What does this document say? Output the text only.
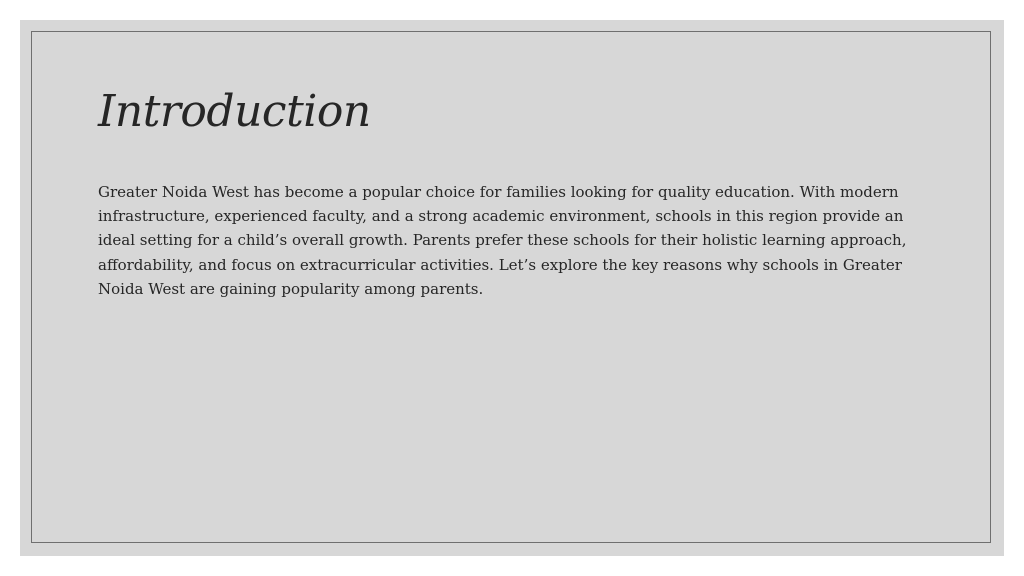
Introduction

Greater Noida West has become a popular choice for families looking for quality education. With modern infrastructure, experienced faculty, and a strong academic environment, schools in this region provide an ideal setting for a child’s overall growth. Parents prefer these schools for their holistic learning approach, affordability, and focus on extracurricular activities. Let’s explore the key reasons why schools in Greater Noida West are gaining popularity among parents.
